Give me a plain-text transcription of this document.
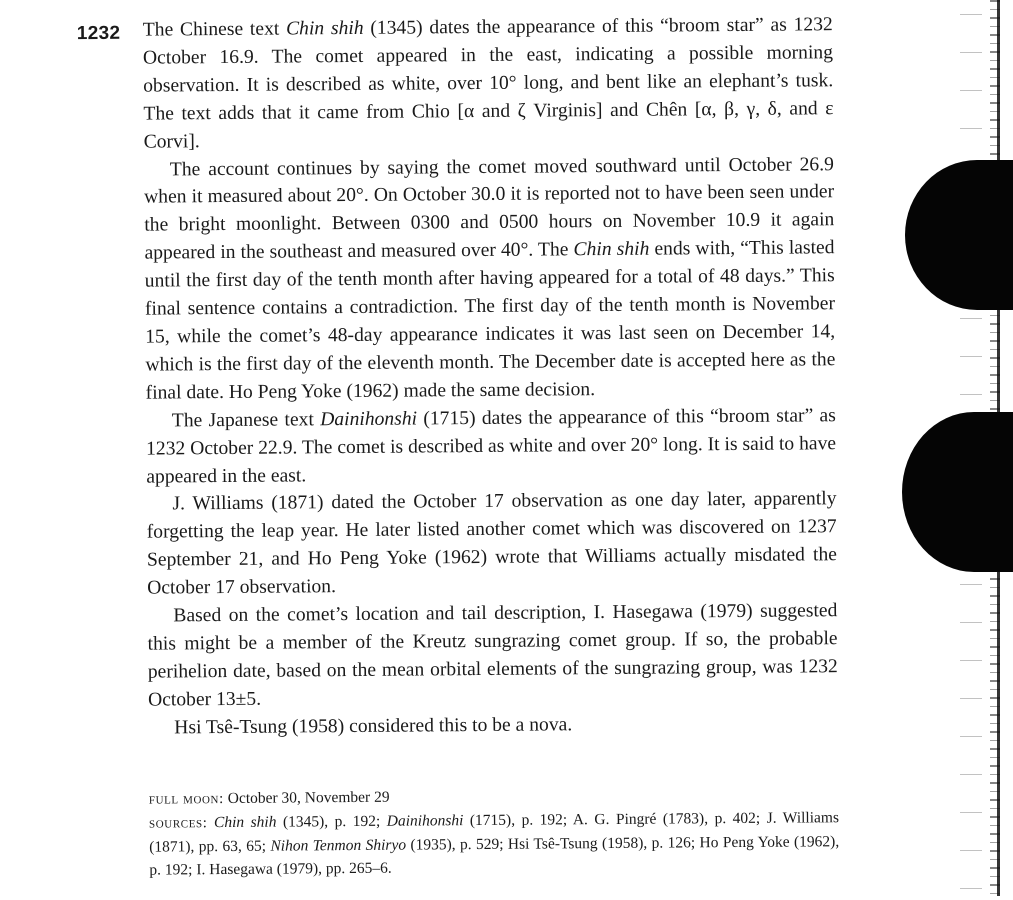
1232 The Chinese text Chin shih (1345) dates the appearance of this “broom star” as 1232 October 16.9. The comet appeared in the east, indicating a possible morning observation. It is described as white, over 10° long, and bent like an elephant’s tusk. The text adds that it came from Chio [α and ζ Virginis] and Chên [α, β, γ, δ, and ε Corvi].

The account continues by saying the comet moved southward until October 26.9 when it measured about 20°. On October 30.0 it is reported not to have been seen under the bright moonlight. Between 0300 and 0500 hours on November 10.9 it again appeared in the southeast and measured over 40°. The Chin shih ends with, “This lasted until the first day of the tenth month after having appeared for a total of 48 days.” This final sentence contains a contradiction. The first day of the tenth month is November 15, while the comet’s 48-day appearance indicates it was last seen on December 14, which is the first day of the eleventh month. The December date is accepted here as the final date. Ho Peng Yoke (1962) made the same decision.

The Japanese text Dainihonshi (1715) dates the appearance of this “broom star” as 1232 October 22.9. The comet is described as white and over 20° long. It is said to have appeared in the east.

J. Williams (1871) dated the October 17 observation as one day later, apparently forgetting the leap year. He later listed another comet which was discovered on 1237 September 21, and Ho Peng Yoke (1962) wrote that Williams actually misdated the October 17 observation.

Based on the comet’s location and tail description, I. Hasegawa (1979) suggested this might be a member of the Kreutz sungrazing comet group. If so, the probable perihelion date, based on the mean orbital elements of the sungrazing group, was 1232 October 13±5.

Hsi Tsê-Tsung (1958) considered this to be a nova.

full moon: October 30, November 29

sources: Chin shih (1345), p. 192; Dainihonshi (1715), p. 192; A. G. Pingré (1783), p. 402; J. Williams (1871), pp. 63, 65; Nihon Tenmon Shiryo (1935), p. 529; Hsi Tsê-Tsung (1958), p. 126; Ho Peng Yoke (1962), p. 192; I. Hasegawa (1979), pp. 265–6.
